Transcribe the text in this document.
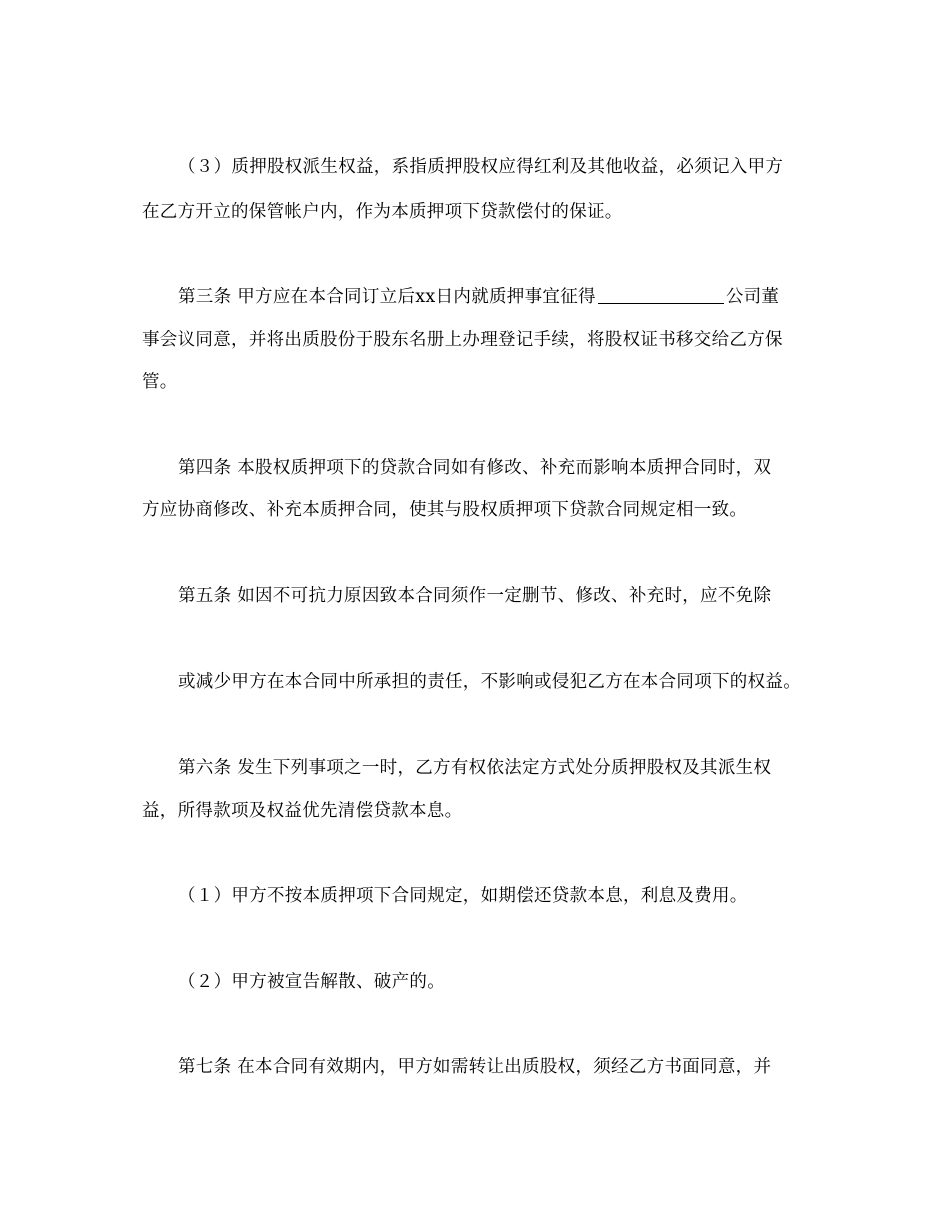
（３）质押股权派生权益，系指质押股权应得红利及其他收益，必须记入甲方
在乙方开立的保管帐户内，作为本质押项下贷款偿付的保证。
第三条 甲方应在本合同订立后xx日内就质押事宜征得	公司董
事会议同意，并将出质股份于股东名册上办理登记手续，将股权证书移交给乙方保
管。
第四条 本股权质押项下的贷款合同如有修改、补充而影响本质押合同时，双
方应协商修改、补充本质押合同，使其与股权质押项下贷款合同规定相一致。
第五条 如因不可抗力原因致本合同须作一定删节、修改、补充时，应不免除
或减少甲方在本合同中所承担的责任，不影响或侵犯乙方在本合同项下的权益。
第六条 发生下列事项之一时，乙方有权依法定方式处分质押股权及其派生权
益，所得款项及权益优先清偿贷款本息。
（１）甲方不按本质押项下合同规定，如期偿还贷款本息，利息及费用。
（２）甲方被宣告解散、破产的。
第七条 在本合同有效期内，甲方如需转让出质股权，须经乙方书面同意，并
